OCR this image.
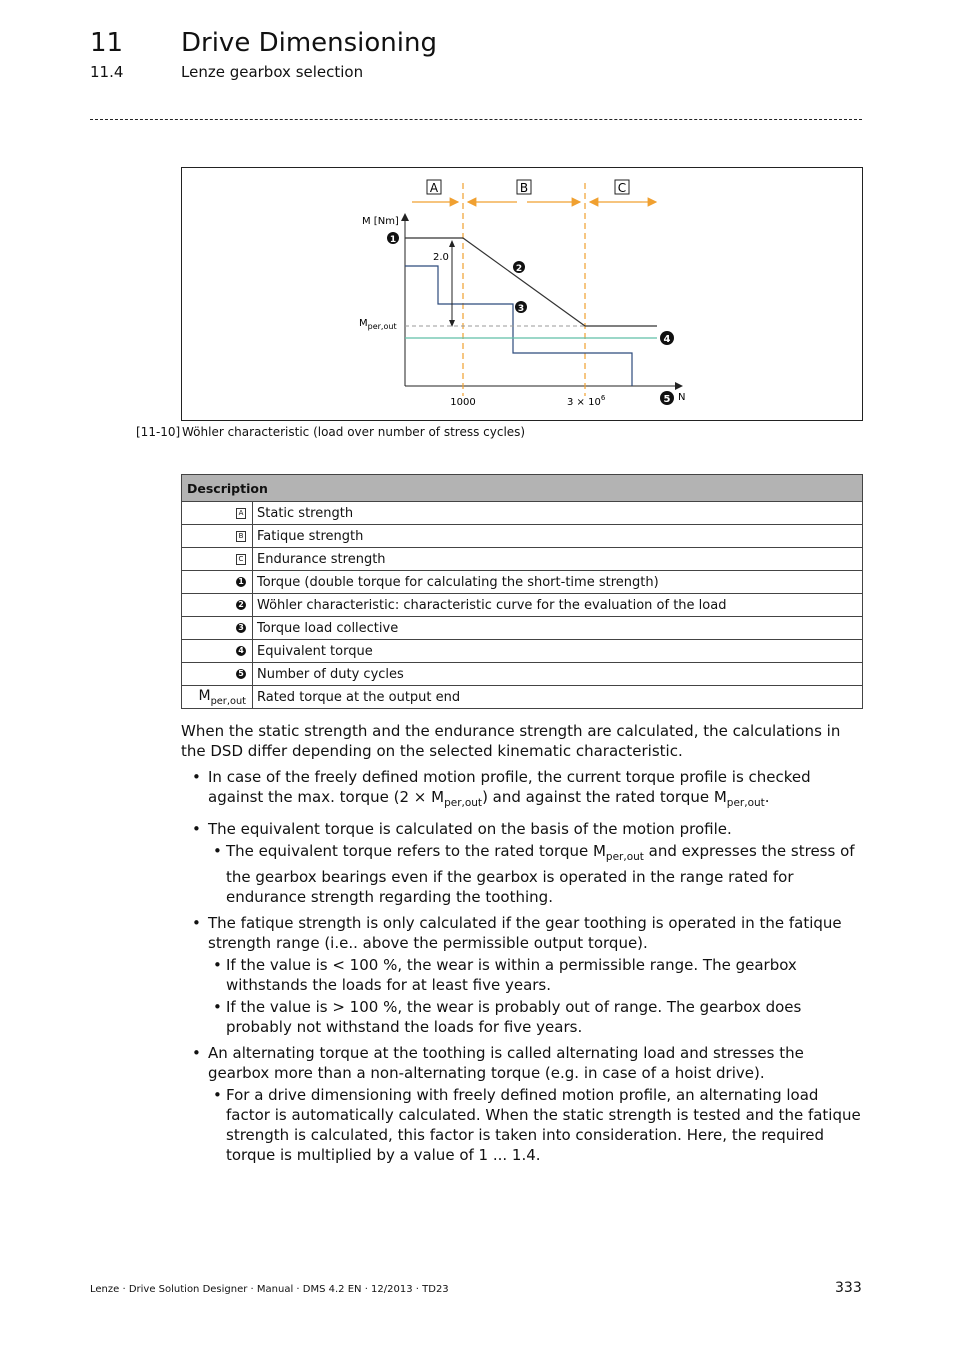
11 Drive Dimensioning
11.4	Lenze gearbox selection
A	B	C
M [Nm]
2.0
$M_{per,out}$
1000	$3 \times 10^6$	N
1
2
3
4
5
[11-10] Wöhler characteristic (load over number of stress cycles)
Description	
A	Static strength
B	Fatique strength
C	Endurance strength
1	Torque (double torque for calculating the short-time strength)
2	Wöhler characteristic: characteristic curve for the evaluation of the load
3	Torque load collective
4	Equivalent torque
5	Number of duty cycles
$M_{per,out}$	Rated torque at the output end

When the static strength and the endurance strength are calculated, the calculations in the DSD differ depending on the selected kinematic characteristic.

• In case of the freely defined motion profile, the current torque profile is checked against the max. torque $(2 \times M_{per,out})$ and against the rated torque $M_{per,out}$.
• The equivalent torque is calculated on the basis of the motion profile.
• The equivalent torque refers to the rated torque $M_{per,out}$ and expresses the stress of the gearbox bearings even if the gearbox is operated in the range rated for endurance strength regarding the toothing.
• The fatique strength is only calculated if the gear toothing is operated in the fatique strength range (i.e.. above the permissible output torque).
• If the value is < 100 %, the wear is within a permissible range. The gearbox withstands the loads for at least five years.
• If the value is > 100 %, the wear is probably out of range. The gearbox does probably not withstand the loads for five years.
• An alternating torque at the toothing is called alternating load and stresses the gearbox more than a non-alternating torque (e.g. in case of a hoist drive).
• For a drive dimensioning with freely defined motion profile, an alternating load factor is automatically calculated. When the static strength is tested and the fatique strength is calculated, this factor is taken into consideration. Here, the required torque is multiplied by a value of 1 ... 1.4.
Lenze · Drive Solution Designer · Manual · DMS 4.2 EN · 12/2013 · TD23	333
